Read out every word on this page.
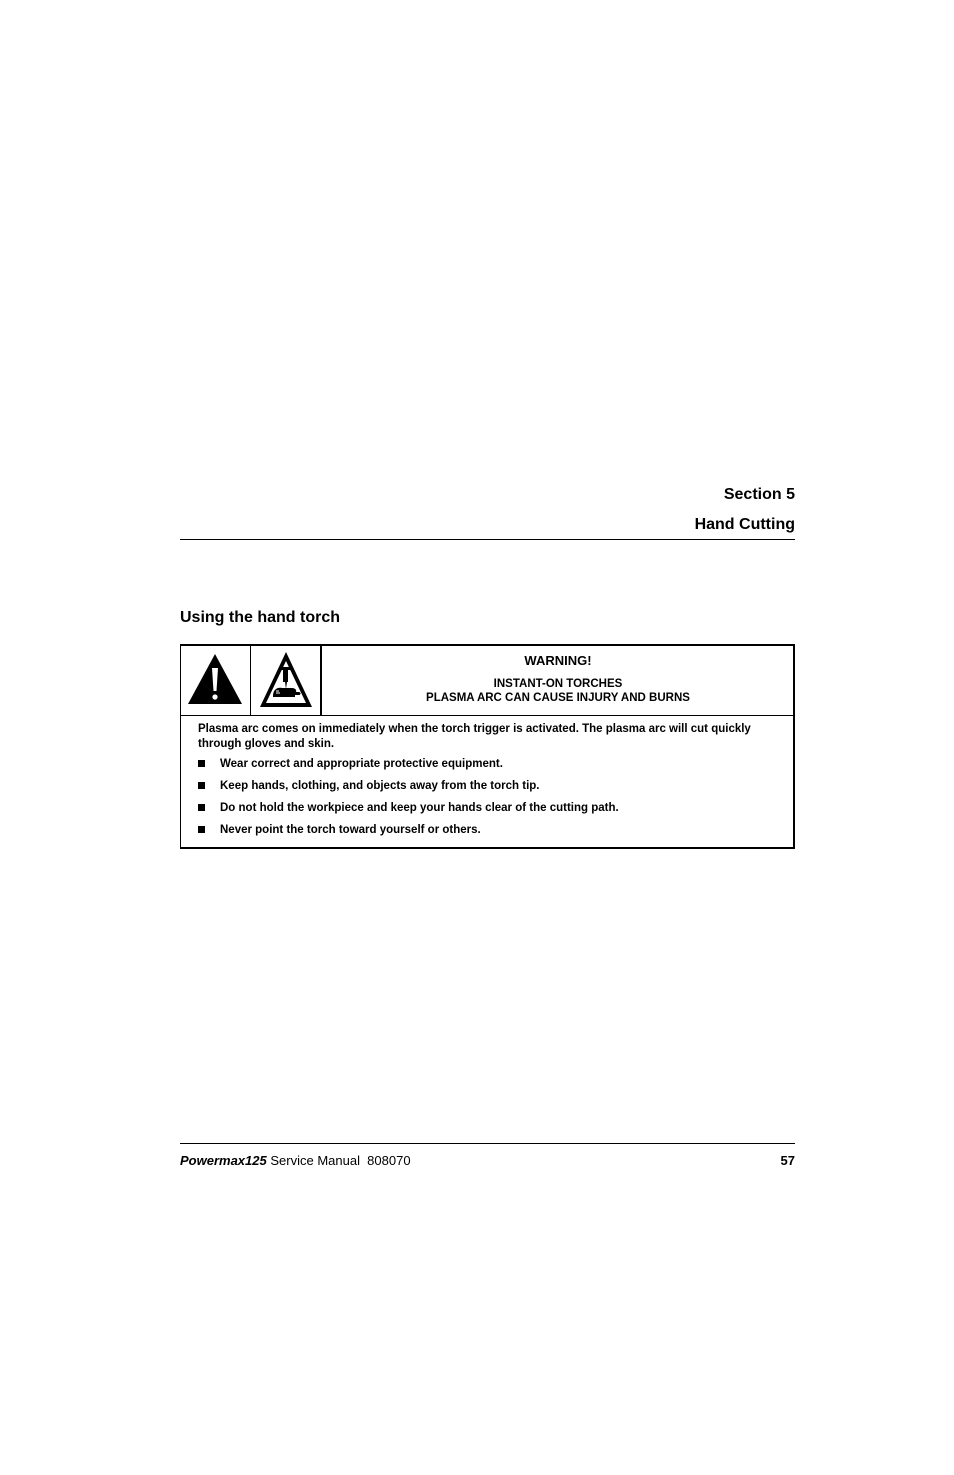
Section 5
Hand Cutting
Using the hand torch
WARNING!
INSTANT-ON TORCHES
PLASMA ARC CAN CAUSE INJURY AND BURNS

Plasma arc comes on immediately when the torch trigger is activated. The plasma arc will cut quickly through gloves and skin.

Wear correct and appropriate protective equipment.
Keep hands, clothing, and objects away from the torch tip.
Do not hold the workpiece and keep your hands clear of the cutting path.
Never point the torch toward yourself or others.
Powermax125 Service Manual  808070	57
